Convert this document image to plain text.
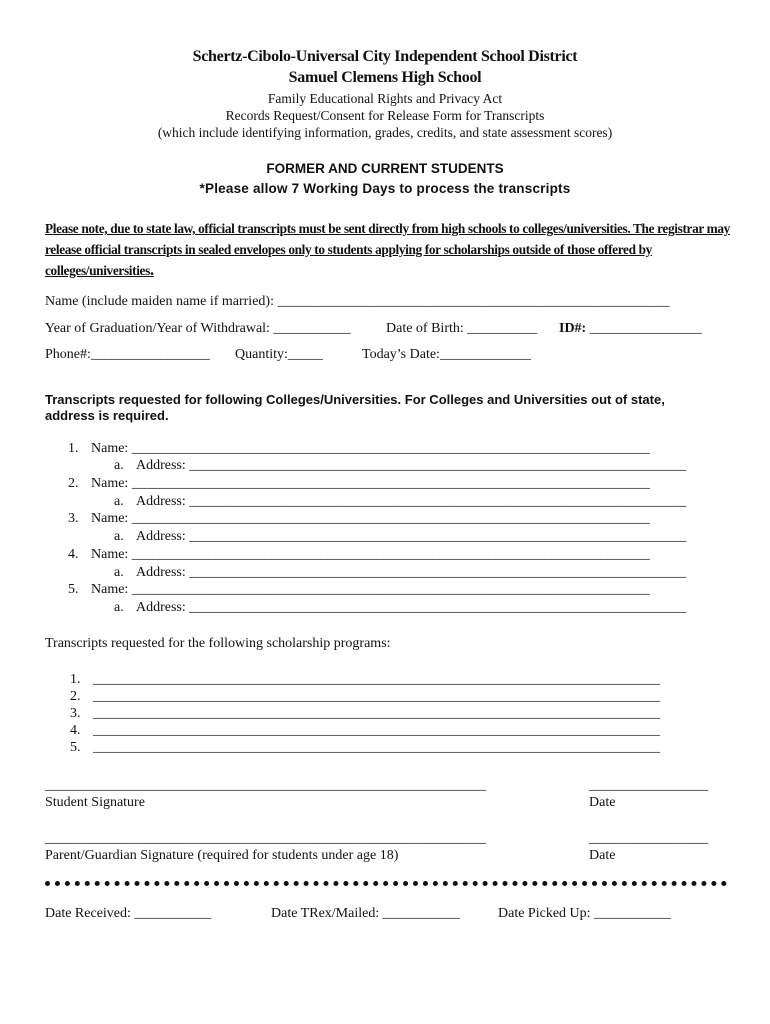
Schertz-Cibolo-Universal City Independent School District
Samuel Clemens High School
Family Educational Rights and Privacy Act
Records Request/Consent for Release Form for Transcripts
(which include identifying information, grades, credits, and state assessment scores)
FORMER AND CURRENT STUDENTS
*Please allow 7 Working Days to process the transcripts
Please note, due to state law, official transcripts must be sent directly from high schools to colleges/universities. The registrar may release official transcripts in sealed envelopes only to students applying for scholarships outside of those offered by colleges/universities.
Name (include maiden name if married): ________________________________________________________
Year of Graduation/Year of Withdrawal: ___________	Date of Birth: __________ ID#: ________________
Phone#:_________________ Quantity:_____	Today’s Date:_____________
Transcripts requested for following Colleges/Universities. For Colleges and Universities out of state,
address is required.
1. Name: __________________________________________________________________________
a. Address: _______________________________________________________________________
2. Name: __________________________________________________________________________
a. Address: _______________________________________________________________________
3. Name: __________________________________________________________________________
a. Address: _______________________________________________________________________
4. Name: __________________________________________________________________________
a. Address: _______________________________________________________________________
5. Name: __________________________________________________________________________
a. Address: _______________________________________________________________________
Transcripts requested for the following scholarship programs:
1. _________________________________________________________________________________
2. _________________________________________________________________________________
3. _________________________________________________________________________________
4. _________________________________________________________________________________
5. _________________________________________________________________________________
_______________________________________________________________	_________________
Student Signature	Date
_______________________________________________________________	_________________
Parent/Guardian Signature (required for students under age 18)	Date
Date Received: ___________	Date TRex/Mailed: ___________	Date Picked Up: ___________
